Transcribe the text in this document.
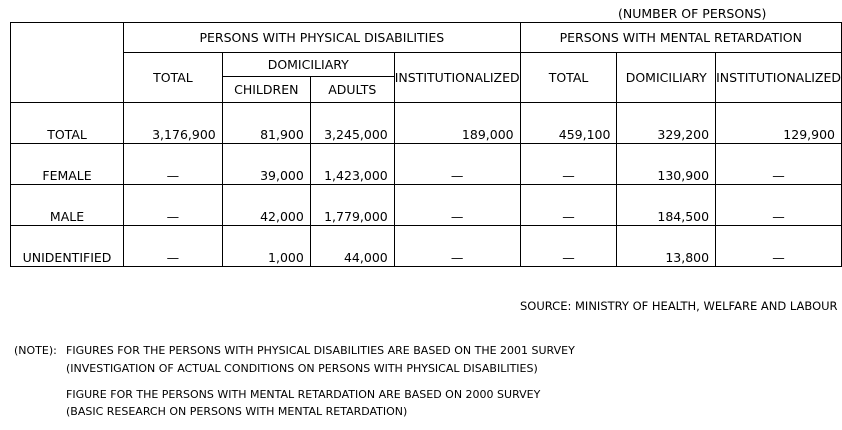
(NUMBER OF PERSONS)
	PERSONS WITH PHYSICAL DISABILITIES				PERSONS WITH MENTAL RETARDATION		
	TOTAL	DOMICILIARY		INSTITUTIONALIZED	TOTAL	DOMICILIARY	INSTITUTIONALIZED
		CHILDREN	ADULTS				
TOTAL	3,176,900	81,900	3,245,000	189,000	459,100	329,200	129,900
FEMALE	—	39,000	1,423,000	—	—	130,900	—
MALE	—	42,000	1,779,000	—	—	184,500	—
UNIDENTIFIED	—	1,000	44,000	—	—	13,800	—
SOURCE: MINISTRY OF HEALTH, WELFARE AND LABOUR
(NOTE): FIGURES FOR THE PERSONS WITH PHYSICAL DISABILITIES ARE BASED ON THE 2001 SURVEY
(INVESTIGATION OF ACTUAL CONDITIONS ON PERSONS WITH PHYSICAL DISABILITIES)
FIGURE FOR THE PERSONS WITH MENTAL RETARDATION ARE BASED ON 2000 SURVEY
(BASIC RESEARCH ON PERSONS WITH MENTAL RETARDATION)
